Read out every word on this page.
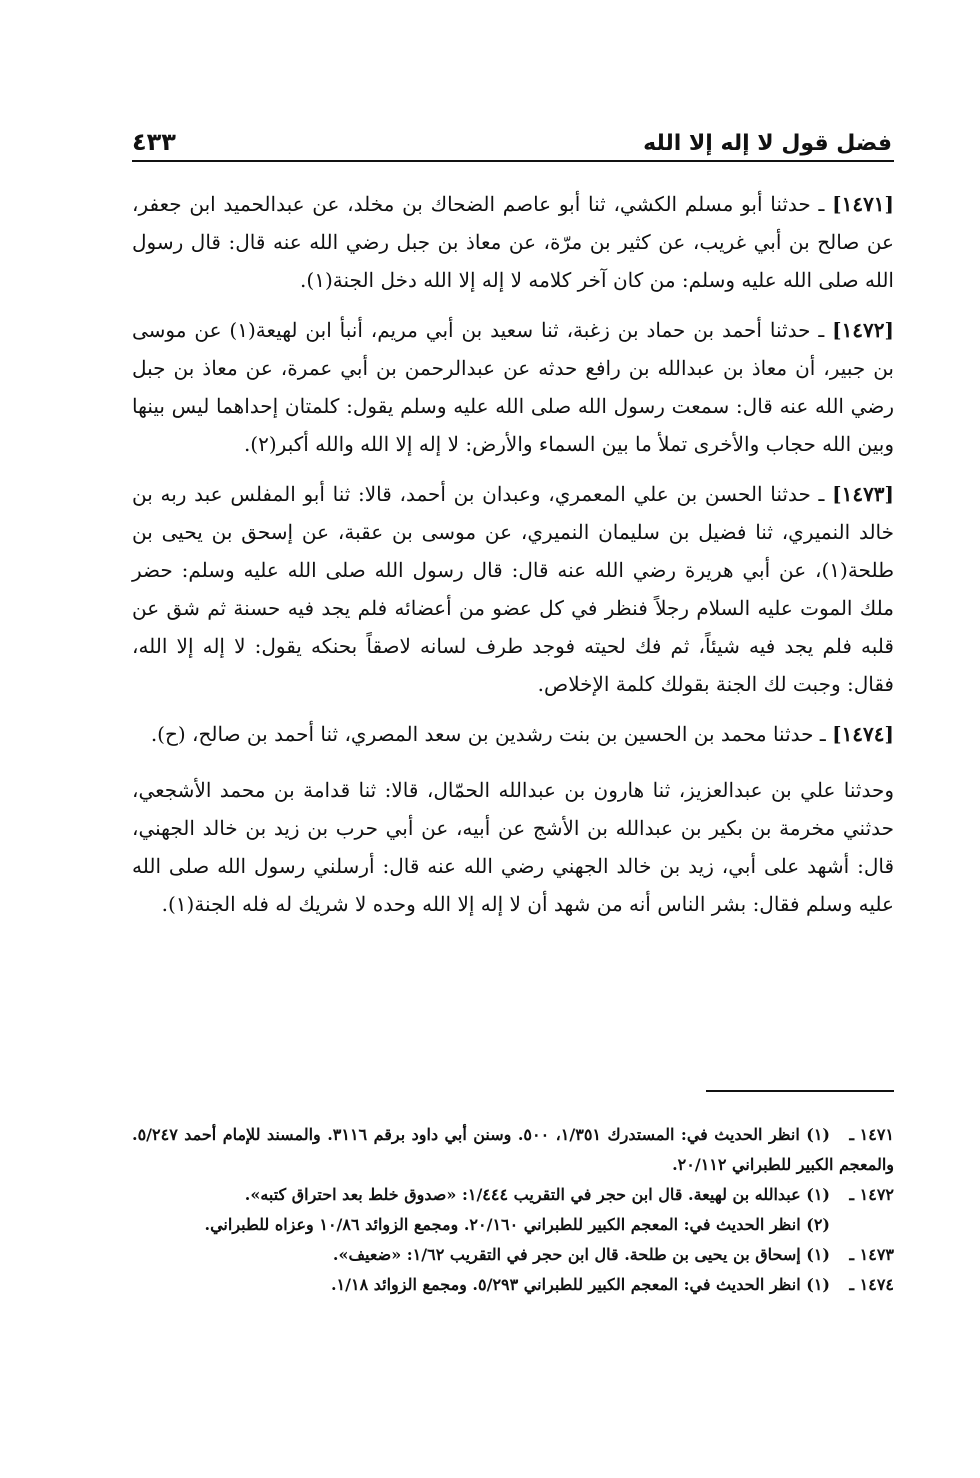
فضل قول لا إله إلا الله
٤٣٣

[١٤٧١] ـ حدثنا أبو مسلم الكشي، ثنا أبو عاصم الضحاك بن مخلد، عن عبدالحميد ابن جعفر، عن صالح بن أبي غريب، عن كثير بن مرّة، عن معاذ بن جبل رضي الله عنه قال: قال رسول الله صلى الله عليه وسلم: من كان آخر كلامه لا إله إلا الله دخل الجنة(١).

[١٤٧٢] ـ حدثنا أحمد بن حماد بن زغبة، ثنا سعيد بن أبي مريم، أنبأ ابن لهيعة(١) عن موسى بن جبير، أن معاذ بن عبدالله بن رافع حدثه عن عبدالرحمن بن أبي عمرة، عن معاذ بن جبل رضي الله عنه قال: سمعت رسول الله صلى الله عليه وسلم يقول: كلمتان إحداهما ليس بينها وبين الله حجاب والأخرى تملأ ما بين السماء والأرض: لا إله إلا الله والله أكبر(٢).

[١٤٧٣] ـ حدثنا الحسن بن علي المعمري، وعبدان بن أحمد، قالا: ثنا أبو المفلس عبد ربه بن خالد النميري، ثنا فضيل بن سليمان النميري، عن موسى بن عقبة، عن إسحق بن يحيى بن طلحة(١)، عن أبي هريرة رضي الله عنه قال: قال رسول الله صلى الله عليه وسلم: حضر ملك الموت عليه السلام رجلاً فنظر في كل عضو من أعضائه فلم يجد فيه حسنة ثم شق عن قلبه فلم يجد فيه شيئاً، ثم فك لحيته فوجد طرف لسانه لاصقاً بحنكه يقول: لا إله إلا الله، فقال: وجبت لك الجنة بقولك كلمة الإخلاص.

[١٤٧٤] ـ حدثنا محمد بن الحسين بن بنت رشدين بن سعد المصري، ثنا أحمد بن صالح، (ح).

وحدثنا علي بن عبدالعزيز، ثنا هارون بن عبدالله الحمّال، قالا: ثنا قدامة بن محمد الأشجعي، حدثني مخرمة بن بكير بن عبدالله بن الأشج عن أبيه، عن أبي حرب بن زيد بن خالد الجهني، قال: أشهد على أبي، زيد بن خالد الجهني رضي الله عنه قال: أرسلني رسول الله صلى الله عليه وسلم فقال: بشر الناس أنه من شهد أن لا إله إلا الله وحده لا شريك له فله الجنة(١).

١٤٧١ ـ(١) انظر الحديث في: المستدرك ١/٣٥١، ٥٠٠. وسنن أبي داود برقم ٣١١٦. والمسند للإمام أحمد ٥/٢٤٧. والمعجم الكبير للطبراني ٢٠/١١٢.

١٤٧٢ ـ(١) عبدالله بن لهيعة. قال ابن حجر في التقريب ١/٤٤٤: «صدوق خلط بعد احتراق كتبه».

(٢) انظر الحديث في: المعجم الكبير للطبراني ٢٠/١٦٠. ومجمع الزوائد ١٠/٨٦ وعزاه للطبراني.

١٤٧٣ ـ(١) إسحاق بن يحيى بن طلحة. قال ابن حجر في التقريب ١/٦٢: «ضعيف».

١٤٧٤ ـ(١) انظر الحديث في: المعجم الكبير للطبراني ٥/٢٩٣. ومجمع الزوائد ١/١٨.
